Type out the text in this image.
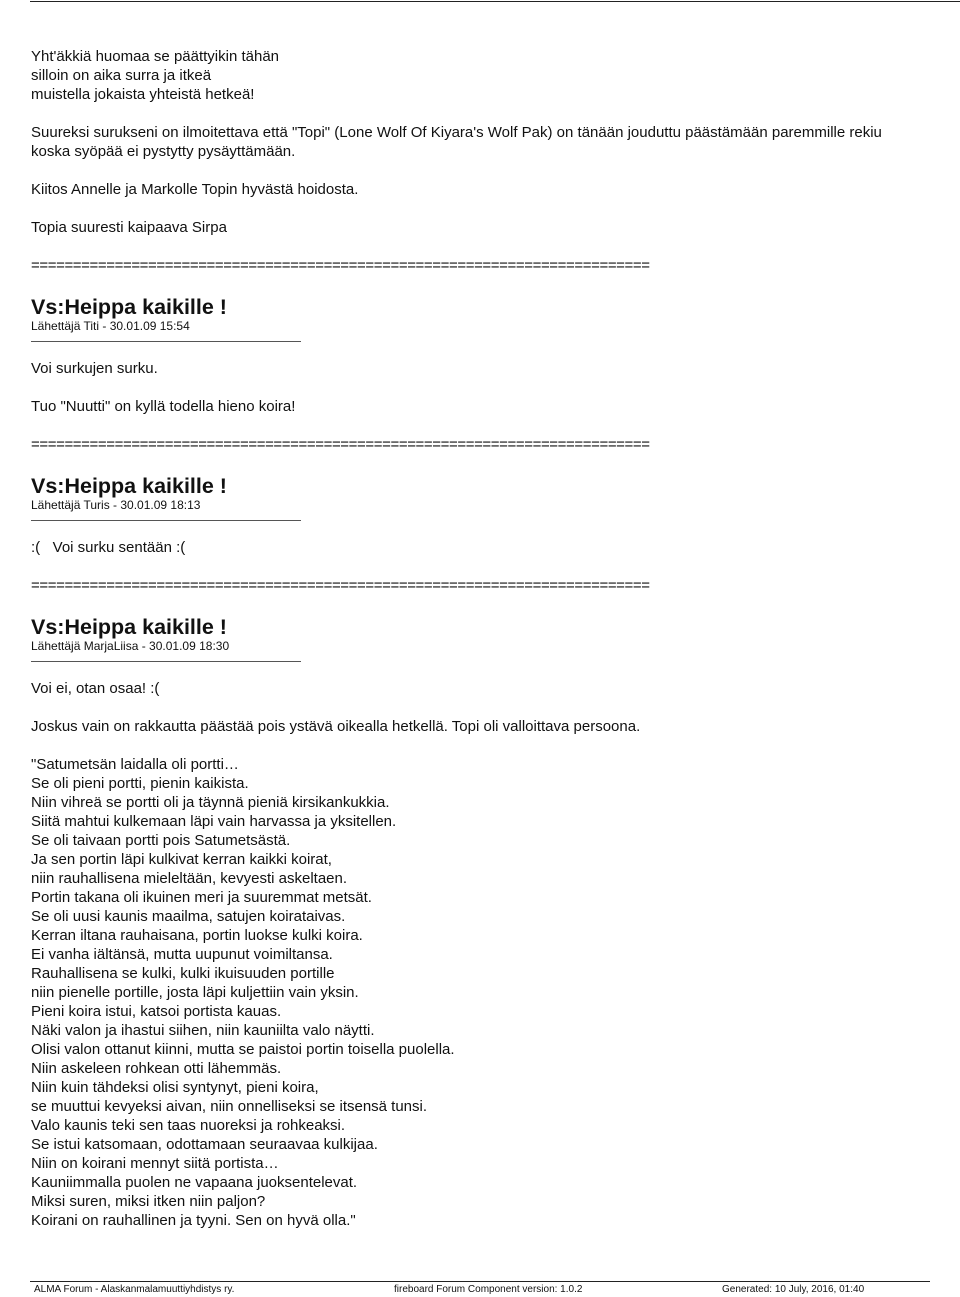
Yht'äkkiä huomaa se päättyikin tähän

silloin on aika surra ja itkeä

muistella jokaista yhteistä hetkeä!

Suureksi surukseni on ilmoitettava että "Topi" (Lone Wolf Of Kiyara's Wolf Pak) on tänään jouduttu päästämään paremmille rekiu

koska syöpää ei pystytty pysäyttämään.

Kiitos Annelle ja Markolle Topin hyvästä hoidosta.

Topia suuresti kaipaava Sirpa

==========================================================================
Vs:Heippa kaikille !

Lähettäjä Titi - 30.01.09 15:54

Voi surkujen surku.

Tuo "Nuutti" on kyllä todella hieno koira!

==========================================================================
Vs:Heippa kaikille !

Lähettäjä Turis - 30.01.09 18:13

:(   Voi surku sentään :(

==========================================================================
Vs:Heippa kaikille !

Lähettäjä MarjaLiisa - 30.01.09 18:30

Voi ei, otan osaa! :(

Joskus vain on rakkautta päästää pois ystävä oikealla hetkellä. Topi oli valloittava persoona.

"Satumetsän laidalla oli portti…

Se oli pieni portti, pienin kaikista.

Niin vihreä se portti oli ja täynnä pieniä kirsikankukkia.

Siitä mahtui kulkemaan läpi vain harvassa ja yksitellen.

Se oli taivaan portti pois Satumetsästä.

Ja sen portin läpi kulkivat kerran kaikki koirat,

niin rauhallisena mieleltään, kevyesti askeltaen.

Portin takana oli ikuinen meri ja suuremmat metsät.

Se oli uusi kaunis maailma, satujen koirataivas.

Kerran iltana rauhaisana, portin luokse kulki koira.

Ei vanha iältänsä, mutta uupunut voimiltansa.

Rauhallisena se kulki, kulki ikuisuuden portille

niin pienelle portille, josta läpi kuljettiin vain yksin.

Pieni koira istui, katsoi portista kauas.

Näki valon ja ihastui siihen, niin kauniilta valo näytti.

Olisi valon ottanut kiinni, mutta se paistoi portin toisella puolella.

Niin askeleen rohkean otti lähemmäs.

Niin kuin tähdeksi olisi syntynyt, pieni koira,

se muuttui kevyeksi aivan, niin onnelliseksi se itsensä tunsi.

Valo kaunis teki sen taas nuoreksi ja rohkeaksi.

Se istui katsomaan, odottamaan seuraavaa kulkijaa.

Niin on koirani mennyt siitä portista…

Kauniimmalla puolen ne vapaana juoksentelevat.

Miksi suren, miksi itken niin paljon?

Koirani on rauhallinen ja tyyni. Sen on hyvä olla."

ALMA Forum - Alaskanmalamuuttiyhdistys ry.	fireboard Forum Component version: 1.0.2	Generated: 10 July, 2016, 01:40
